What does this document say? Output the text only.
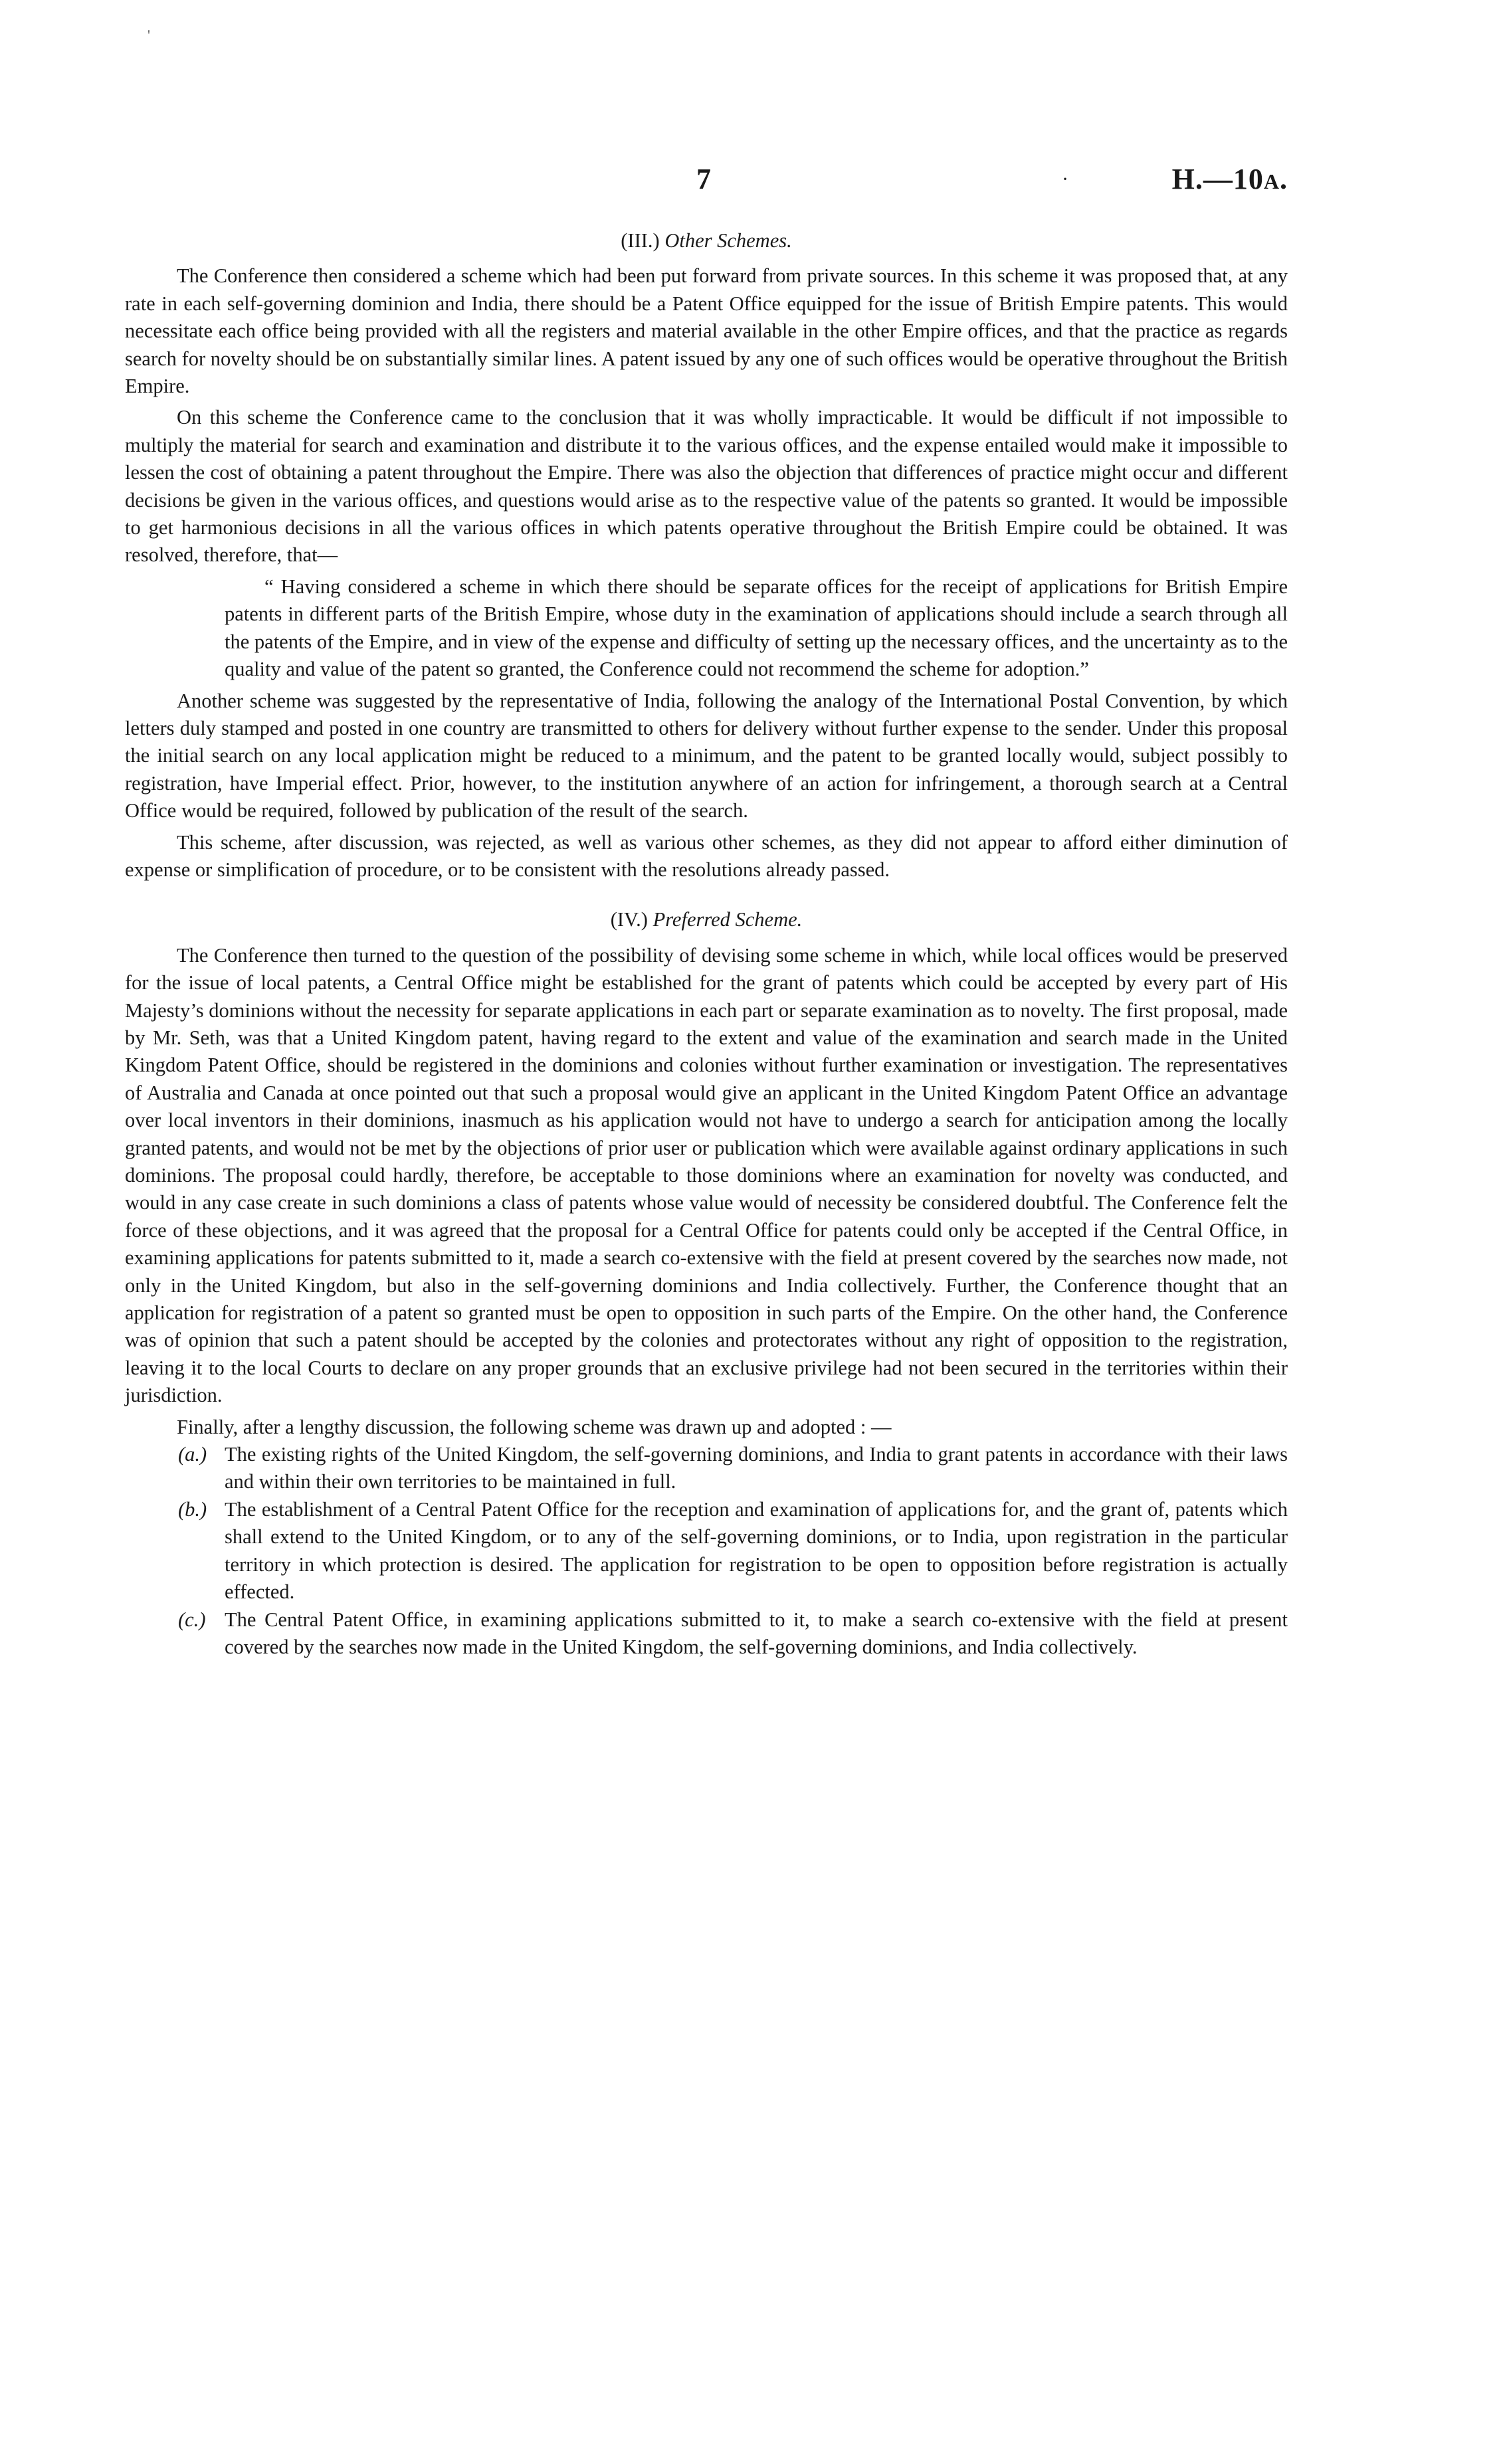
'
7	·	H.—10A.

(III.) Other Schemes.

The Conference then considered a scheme which had been put forward from private sources. In this scheme it was proposed that, at any rate in each self-governing dominion and India, there should be a Patent Office equipped for the issue of British Empire patents. This would necessitate each office being provided with all the registers and material available in the other Empire offices, and that the practice as regards search for novelty should be on substantially similar lines. A patent issued by any one of such offices would be operative throughout the British Empire.

On this scheme the Conference came to the conclusion that it was wholly impracticable. It would be difficult if not impossible to multiply the material for search and examination and distribute it to the various offices, and the expense entailed would make it impossible to lessen the cost of obtaining a patent throughout the Empire. There was also the objection that differences of practice might occur and different decisions be given in the various offices, and questions would arise as to the respective value of the patents so granted. It would be impossible to get harmonious decisions in all the various offices in which patents operative throughout the British Empire could be obtained. It was resolved, therefore, that—

“ Having considered a scheme in which there should be separate offices for the receipt of applications for British Empire patents in different parts of the British Empire, whose duty in the examination of applications should include a search through all the patents of the Empire, and in view of the expense and difficulty of setting up the necessary offices, and the uncertainty as to the quality and value of the patent so granted, the Conference could not recommend the scheme for adoption.”

Another scheme was suggested by the representative of India, following the analogy of the International Postal Convention, by which letters duly stamped and posted in one country are transmitted to others for delivery without further expense to the sender. Under this proposal the initial search on any local application might be reduced to a minimum, and the patent to be granted locally would, subject possibly to registration, have Imperial effect. Prior, however, to the institution anywhere of an action for infringement, a thorough search at a Central Office would be required, followed by publication of the result of the search.

This scheme, after discussion, was rejected, as well as various other schemes, as they did not appear to afford either diminution of expense or simplification of procedure, or to be consistent with the resolutions already passed.

(IV.) Preferred Scheme.

The Conference then turned to the question of the possibility of devising some scheme in which, while local offices would be preserved for the issue of local patents, a Central Office might be established for the grant of patents which could be accepted by every part of His Majesty’s dominions without the necessity for separate applications in each part or separate examination as to novelty. The first proposal, made by Mr. Seth, was that a United Kingdom patent, having regard to the extent and value of the examination and search made in the United Kingdom Patent Office, should be registered in the dominions and colonies without further examination or investigation. The representatives of Australia and Canada at once pointed out that such a proposal would give an applicant in the United Kingdom Patent Office an advantage over local inventors in their dominions, inasmuch as his application would not have to undergo a search for anticipation among the locally granted patents, and would not be met by the objections of prior user or publication which were available against ordinary applications in such dominions. The proposal could hardly, therefore, be acceptable to those dominions where an examination for novelty was conducted, and would in any case create in such dominions a class of patents whose value would of necessity be considered doubtful. The Conference felt the force of these objections, and it was agreed that the proposal for a Central Office for patents could only be accepted if the Central Office, in examining applications for patents submitted to it, made a search co-extensive with the field at present covered by the searches now made, not only in the United Kingdom, but also in the self-governing dominions and India collectively. Further, the Conference thought that an application for registration of a patent so granted must be open to opposition in such parts of the Empire. On the other hand, the Conference was of opinion that such a patent should be accepted by the colonies and protectorates without any right of opposition to the registration, leaving it to the local Courts to declare on any proper grounds that an exclusive privilege had not been secured in the territories within their jurisdiction.

Finally, after a lengthy discussion, the following scheme was drawn up and adopted : —

(a.) The existing rights of the United Kingdom, the self-governing dominions, and India to grant patents in accordance with their laws and within their own territories to be maintained in full.
(b.) The establishment of a Central Patent Office for the reception and examination of applications for, and the grant of, patents which shall extend to the United Kingdom, or to any of the self-governing dominions, or to India, upon registration in the particular territory in which protection is desired. The application for registration to be open to opposition before registration is actually effected.
(c.) The Central Patent Office, in examining applications submitted to it, to make a search co-extensive with the field at present covered by the searches now made in the United Kingdom, the self-governing dominions, and India collectively.
